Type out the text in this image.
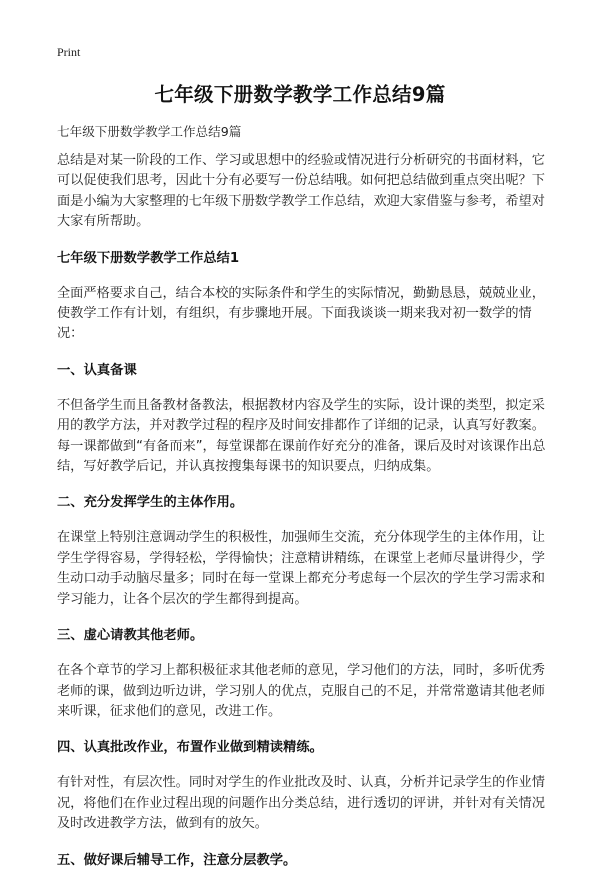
Print
七年级下册数学教学工作总结9篇
七年级下册数学教学工作总结9篇

总结是对某一阶段的工作、学习或思想中的经验或情况进行分析研究的书面材料，它可以促使我们思考，因此十分有必要写一份总结哦。如何把总结做到重点突出呢？下面是小编为大家整理的七年级下册数学教学工作总结，欢迎大家借鉴与参考，希望对大家有所帮助。

七年级下册数学教学工作总结1

全面严格要求自己，结合本校的实际条件和学生的实际情况，勤勤恳恳，兢兢业业，使教学工作有计划，有组织，有步骤地开展。下面我谈谈一期来我对初一数学的情况：

一、认真备课

不但备学生而且备教材备教法，根据教材内容及学生的实际，设计课的类型，拟定采用的教学方法，并对教学过程的程序及时间安排都作了详细的记录，认真写好教案。每一课都做到“有备而来”，每堂课都在课前作好充分的准备，课后及时对该课作出总结，写好教学后记，并认真按搜集每课书的知识要点，归纳成集。

二、充分发挥学生的主体作用。

在课堂上特别注意调动学生的积极性，加强师生交流，充分体现学生的主体作用，让学生学得容易，学得轻松，学得愉快；注意精讲精练，在课堂上老师尽量讲得少，学生动口动手动脑尽量多；同时在每一堂课上都充分考虑每一个层次的学生学习需求和学习能力，让各个层次的学生都得到提高。

三、虚心请教其他老师。

在各个章节的学习上都积极征求其他老师的意见，学习他们的方法，同时，多听优秀老师的课，做到边听边讲，学习别人的优点，克服自己的不足，并常常邀请其他老师来听课，征求他们的意见，改进工作。

四、认真批改作业，布置作业做到精读精练。

有针对性，有层次性。同时对学生的作业批改及时、认真，分析并记录学生的作业情况，将他们在作业过程出现的问题作出分类总结，进行透切的评讲，并针对有关情况及时改进教学方法，做到有的放矢。

五、做好课后辅导工作，注意分层教学。
